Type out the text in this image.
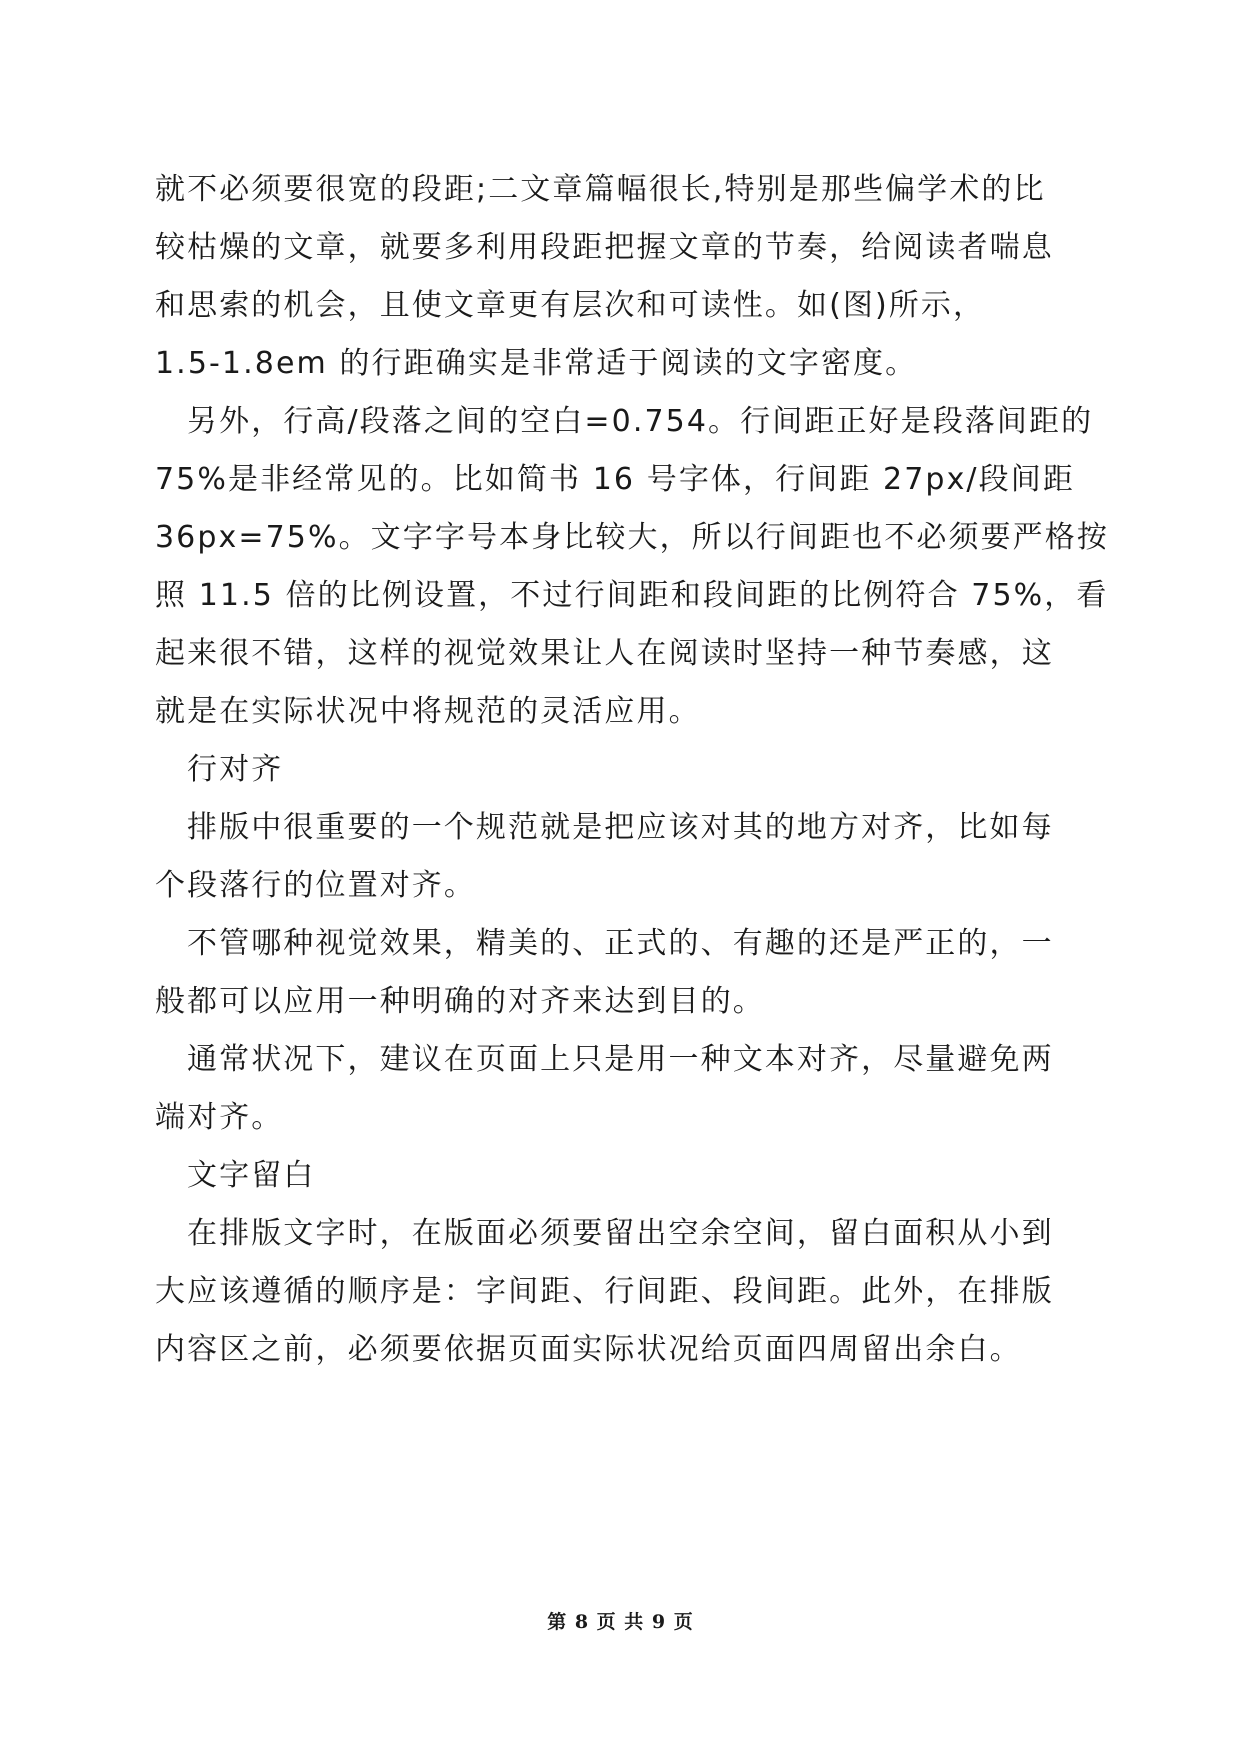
就不必须要很宽的段距;二文章篇幅很长,特别是那些偏学术的比
较枯燥的文章，就要多利用段距把握文章的节奏，给阅读者喘息
和思索的机会，且使文章更有层次和可读性。如(图)所示，
1.5-1.8em 的行距确实是非常适于阅读的文字密度。
另外，行高/段落之间的空白=0.754。行间距正好是段落间距的
75%是非经常见的。比如简书 16 号字体，行间距 27px/段间距
36px=75%。文字字号本身比较大，所以行间距也不必须要严格按
照 11.5 倍的比例设置，不过行间距和段间距的比例符合 75%，看
起来很不错，这样的视觉效果让人在阅读时坚持一种节奏感，这
就是在实际状况中将规范的灵活应用。
行对齐
排版中很重要的一个规范就是把应该对其的地方对齐，比如每
个段落行的位置对齐。
不管哪种视觉效果，精美的、正式的、有趣的还是严正的，一
般都可以应用一种明确的对齐来达到目的。
通常状况下，建议在页面上只是用一种文本对齐，尽量避免两
端对齐。
文字留白
在排版文字时，在版面必须要留出空余空间，留白面积从小到
大应该遵循的顺序是：字间距、行间距、段间距。此外，在排版
内容区之前，必须要依据页面实际状况给页面四周留出余白。
第 8 页 共 9 页
